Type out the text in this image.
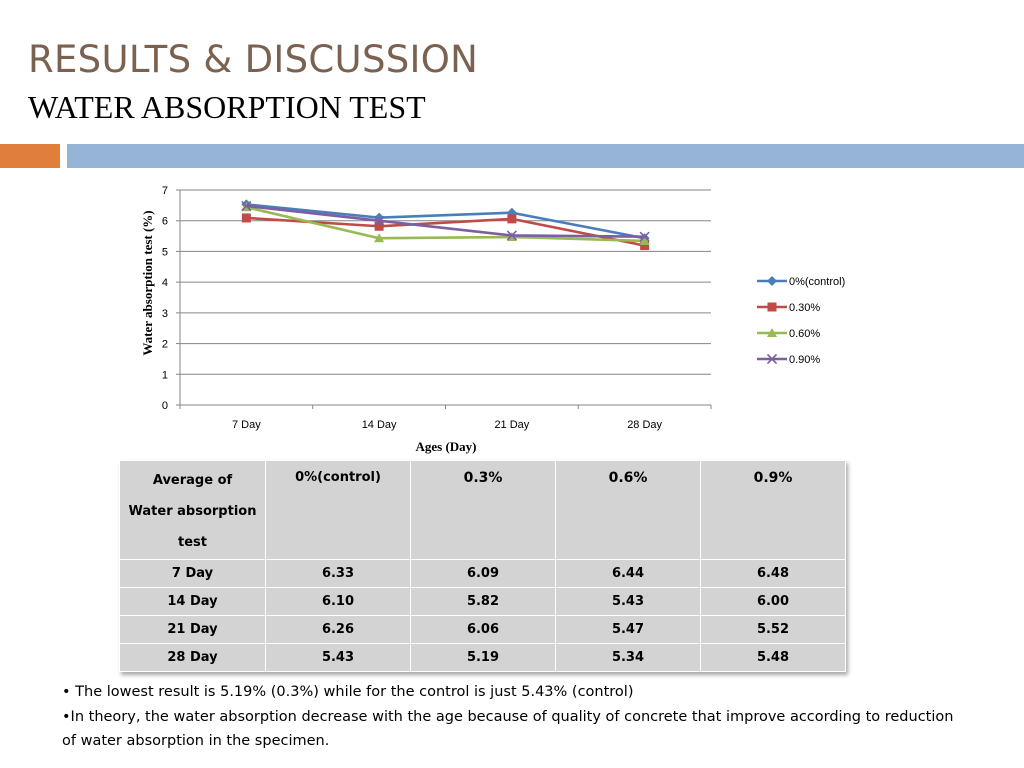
RESULTS & DISCUSSION
WATER ABSORPTION TEST
0
1
2
3
4
5
6
7
7 Day	14 Day	21 Day	28 Day
0%(control)
0.30%
0.60%
0.90%
Water absorption test (%)
Ages (Day)
Average of
Water absorption
test	0%(control)	0.3%	0.6%	0.9%
7 Day	6.33	6.09	6.44	6.48
14 Day	6.10	5.82	5.43	6.00
21 Day	6.26	6.06	5.47	5.52
28 Day	5.43	5.19	5.34	5.48

• The lowest result is 5.19% (0.3%) while for the control is just 5.43% (control)

•In theory, the water absorption decrease with the age because of quality of concrete that improve according to reduction of water absorption in the specimen.
